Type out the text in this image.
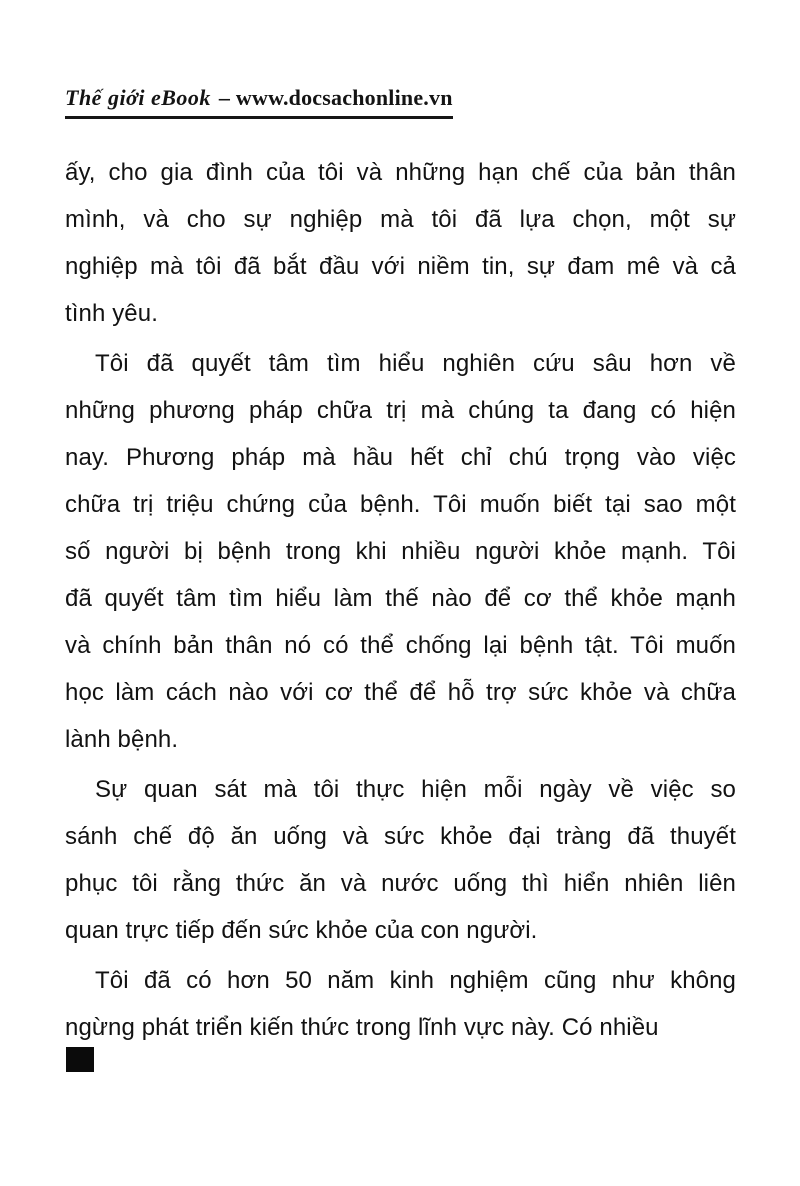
Thế giới eBook – www.docsachonline.vn
ấy, cho gia đình của tôi và những hạn chế của bản thân
mình, và cho sự nghiệp mà tôi đã lựa chọn, một sự
nghiệp mà tôi đã bắt đầu với niềm tin, sự đam mê và cả
tình yêu.
Tôi đã quyết tâm tìm hiểu nghiên cứu sâu hơn về
những phương pháp chữa trị mà chúng ta đang có hiện
nay. Phương pháp mà hầu hết chỉ chú trọng vào việc
chữa trị triệu chứng của bệnh. Tôi muốn biết tại sao một
số người bị bệnh trong khi nhiều người khỏe mạnh. Tôi
đã quyết tâm tìm hiểu làm thế nào để cơ thể khỏe mạnh
và chính bản thân nó có thể chống lại bệnh tật. Tôi muốn
học làm cách nào với cơ thể để hỗ trợ sức khỏe và chữa
lành bệnh.
Sự quan sát mà tôi thực hiện mỗi ngày về việc so
sánh chế độ ăn uống và sức khỏe đại tràng đã thuyết
phục tôi rằng thức ăn và nước uống thì hiển nhiên liên
quan trực tiếp đến sức khỏe của con người.
Tôi đã có hơn 50 năm kinh nghiệm cũng như không
ngừng phát triển kiến thức trong lĩnh vực này. Có nhiều
